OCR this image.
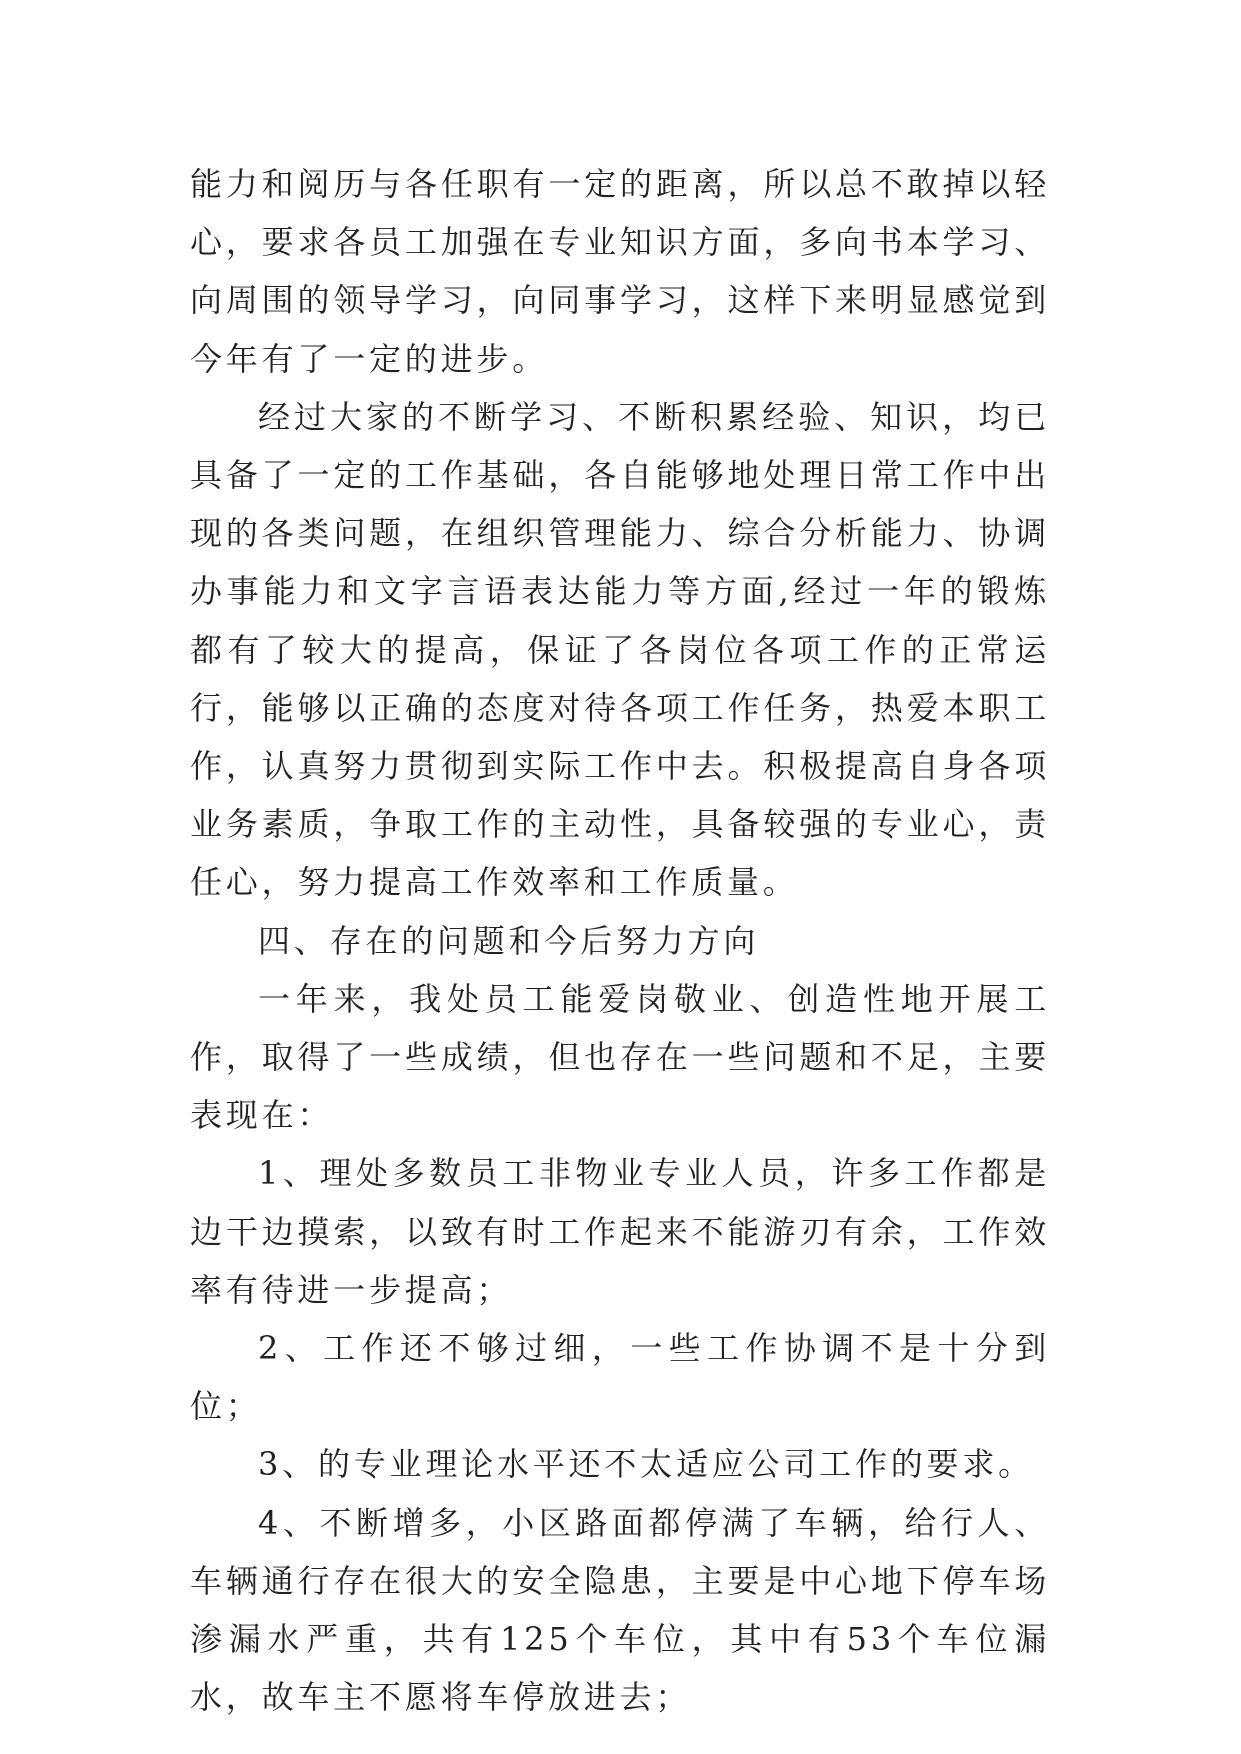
能力和阅历与各任职有一定的距离，所以总不敢掉以轻心，要求各员工加强在专业知识方面，多向书本学习、向周围的领导学习，向同事学习，这样下来明显感觉到今年有了一定的进步。

经过大家的不断学习、不断积累经验、知识，均已具备了一定的工作基础，各自能够地处理日常工作中出现的各类问题，在组织管理能力、综合分析能力、协调办事能力和文字言语表达能力等方面,经过一年的锻炼都有了较大的提高，保证了各岗位各项工作的正常运行，能够以正确的态度对待各项工作任务，热爱本职工作，认真努力贯彻到实际工作中去。积极提高自身各项业务素质，争取工作的主动性，具备较强的专业心，责任心，努力提高工作效率和工作质量。

四、存在的问题和今后努力方向

一年来，我处员工能爱岗敬业、创造性地开展工作，取得了一些成绩，但也存在一些问题和不足，主要表现在：

1、理处多数员工非物业专业人员，许多工作都是边干边摸索，以致有时工作起来不能游刃有余，工作效率有待进一步提高；

2、工作还不够过细，一些工作协调不是十分到位；

3、的专业理论水平还不太适应公司工作的要求。

4、不断增多，小区路面都停满了车辆，给行人、车辆通行存在很大的安全隐患，主要是中心地下停车场渗漏水严重，共有125个车位，其中有53个车位漏水，故车主不愿将车停放进去；
